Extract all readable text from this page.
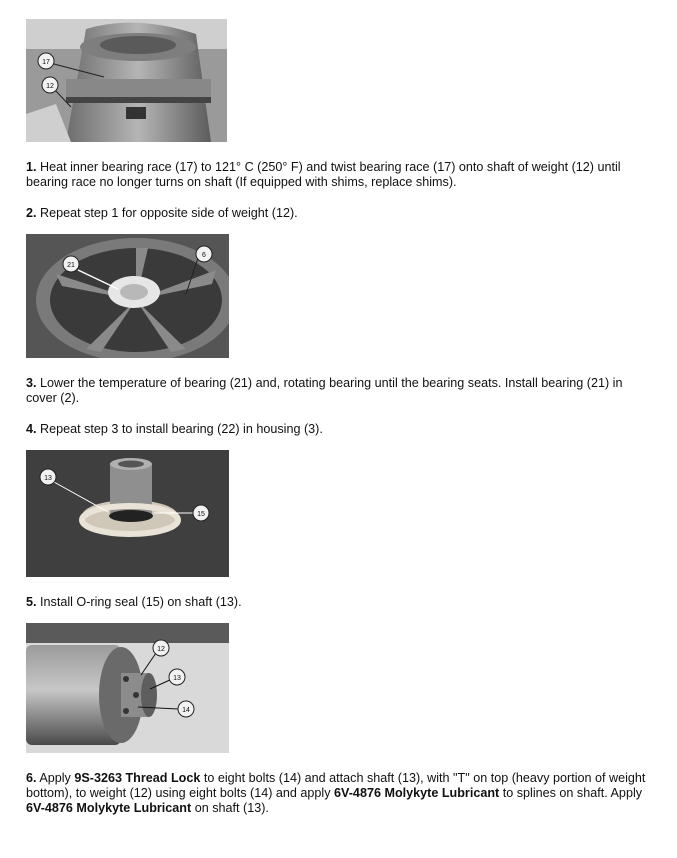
17
12

1. Heat inner bearing race (17) to 121° C (250° F) and twist bearing race (17) onto shaft of weight (12) until bearing race no longer turns on shaft (If equipped with shims, replace shims).

2. Repeat step 1 for opposite side of weight (12).

21
6

3. Lower the temperature of bearing (21) and, rotating bearing until the bearing seats. Install bearing (21) in cover (2).

4. Repeat step 3 to install bearing (22) in housing (3).

13
15

5. Install O-ring seal (15) on shaft (13).

12
13
14

6. Apply 9S-3263 Thread Lock to eight bolts (14) and attach shaft (13), with "T" on top (heavy portion of weight bottom), to weight (12) using eight bolts (14) and apply 6V-4876 Molykyte Lubricant to splines on shaft. Apply 6V-4876 Molykyte Lubricant on shaft (13).
